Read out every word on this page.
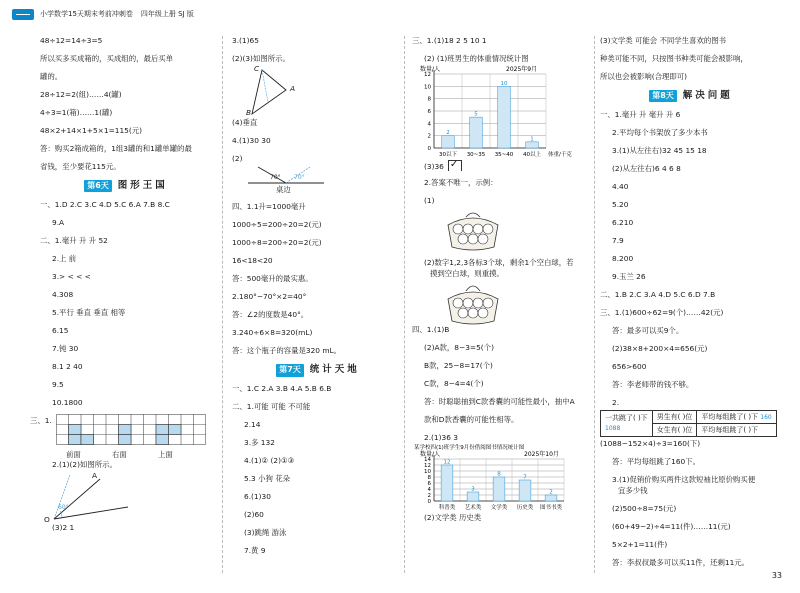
小学数学15天期末考前冲刺卷 四年级上册 SJ 版
48÷12=14÷3=5
所以买多买成箱的，买成组的，最后买单
罐的。
28÷12=2(组)……4(罐)
4÷3=1(箱)……1(罐)
48×2+14×1+5×1=115(元)
答：购买2箱成箱的，1组3罐的和1罐单罐的最
省钱，至少要花115元。
第6天 图形王国
一、1.D 2.C 3.C 4.D 5.C 6.A 7.B 8.C
9.A
二、1.毫升 升 升 52
2.上 前
3.> < < <
4.308
5.平行 垂直 垂直 相等
6.15
7.钝 30
8.1 2 40
9.5
10.1800
三、1.
前面	右面	上面
2.(1)(2)如图所示。
A
O
60°
(3)2 1
3.(1)65
(2)(3)如图所示。
C
A
B
(4)垂直
4.(1)30 30
(2)
70° 70°
桌边
四、1.1升=1000毫升
1000÷5=200÷20=2(元)
1000÷8=200÷20=2(元)
16<18<20
答：500毫升的最实惠。
2.180°−70°×2=40°
答：∠2的度数是40°。
3.240÷6×8=320(mL)
答：这个瓶子的容量是320 mL。
第7天 统计天地
一、1.C 2.A 3.B 4.A 5.B 6.B
二、1.可能 可能 不可能
2.14
3.多 132
4.(1)② (2)①③
5.3 小狗 花朵
6.(1)30
(2)60
(3)跳绳 游泳
7.黄 9
三、1.(1)18 2 5 10 1
(2) (1)班男生的体重情况统计图
数量/人	2025年9月
0
2
4
6
8
10
12
2
30以下
5
30~35
10
35~40
1
40以上 体重/千克
(3)36✓
2.答案不唯一，示例：
(1)
(2)数字1,2,3各标3个球，剩余1个空白球，若
摸到空白球，则重摸。
四、1.(1)B
(2)A款，8−3=5(个)
B款，25−8=17(个)
C款，8−4=4(个)
答：时聪聪抽到C款香囊的可能性最小，抽中A
款和D款香囊的可能性相等。
2.(1)36 3
某学校四(1)班学生9月份借阅图书情况统计图
数量/人	2025年10月
0
2
4
6
8
10
12
14 12
科普类
3
艺术类
8
文学类
7
历史类
2
图书书类
(2)文学类 历史类
(3)文学类 可能会 不同学生喜欢的图书
种类可能不同，只按图书种类可能会被影响，
所以也会被影响(合理即可)
第8天 解决问题
一、1.毫升 升 毫升 升 6
2.平均每个书架放了多少本书
3.(1)从左往右)32 45 15 18
(2)从左往右)6 4 6 8
4.40
5.20
6.210
7.9
8.200
9.玉兰 26
二、1.B 2.C 3.A 4.D 5.C 6.D 7.B
三、1.(1)600÷62=9(个)……42(元)
答：最多可以买9个。
(2)38×8+200×4=656(元)
656>600
答：李老师带的钱不够。
2.
一共跳了( )下
1088	男生有( )位	平均每组跳了( )下 160
	女生有( )位	平均每组跳了( )下
(1088−152×4)÷3=160(下)
答：平均每组跳了160下。
3.(1)促销价购买两件这款短袖比原价购买便
宜多少钱
(2)500÷8=75(元)
(60+49−2)÷4=11(件)……11(元)
5×2+1=11(件)
答：李叔叔最多可以买11件，还剩11元。
33
